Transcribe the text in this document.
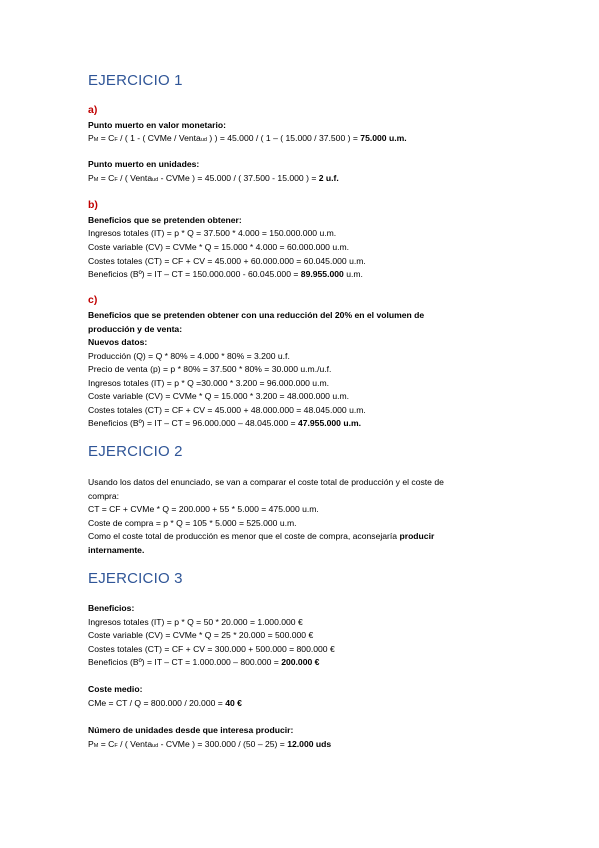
EJERCICIO 1
a)
Punto muerto en valor monetario:
PM = CF / ( 1 - ( CVMe / Ventaud ) ) = 45.000 / ( 1 – ( 15.000 / 37.500 ) = 75.000 u.m.
Punto muerto en unidades:
PM = CF / ( Ventaud - CVMe ) = 45.000 / ( 37.500 - 15.000 ) = 2 u.f.
b)
Beneficios que se pretenden obtener:
Ingresos totales (IT) = p * Q = 37.500 * 4.000 = 150.000.000 u.m.
Coste variable (CV) = CVMe * Q = 15.000 * 4.000 = 60.000.000 u.m.
Costes totales (CT) = CF + CV = 45.000 + 60.000.000 = 60.045.000 u.m.
Beneficios (Bº) = IT – CT = 150.000.000 - 60.045.000 = 89.955.000 u.m.
c)
Beneficios que se pretenden obtener con una reducción del 20% en el volumen de
producción y de venta:
Nuevos datos:
Producción (Q) = Q * 80% = 4.000 * 80% = 3.200 u.f.
Precio de venta (p) = p * 80% = 37.500 * 80% = 30.000 u.m./u.f.
Ingresos totales (IT) = p * Q =30.000 * 3.200 = 96.000.000 u.m.
Coste variable (CV) = CVMe * Q = 15.000 * 3.200 = 48.000.000 u.m.
Costes totales (CT) = CF + CV = 45.000 + 48.000.000 = 48.045.000 u.m.
Beneficios (Bº) = IT – CT = 96.000.000 – 48.045.000 = 47.955.000 u.m.
EJERCICIO 2
Usando los datos del enunciado, se van a comparar el coste total de producción y el coste de
compra:
CT = CF + CVMe * Q = 200.000 + 55 * 5.000 = 475.000 u.m.
Coste de compra = p * Q = 105 * 5.000 = 525.000 u.m.
Como el coste total de producción es menor que el coste de compra, aconsejaría producir
internamente.
EJERCICIO 3
Beneficios:
Ingresos totales (IT) = p * Q = 50 * 20.000 = 1.000.000 €
Coste variable (CV) = CVMe * Q = 25 * 20.000 = 500.000 €
Costes totales (CT) = CF + CV = 300.000 + 500.000 = 800.000 €
Beneficios (Bº) = IT – CT = 1.000.000 – 800.000 = 200.000 €
Coste medio:
CMe = CT / Q = 800.000 / 20.000 = 40 €
Número de unidades desde que interesa producir:
PM = CF / ( Ventaud - CVMe ) = 300.000 / (50 – 25) = 12.000 uds
